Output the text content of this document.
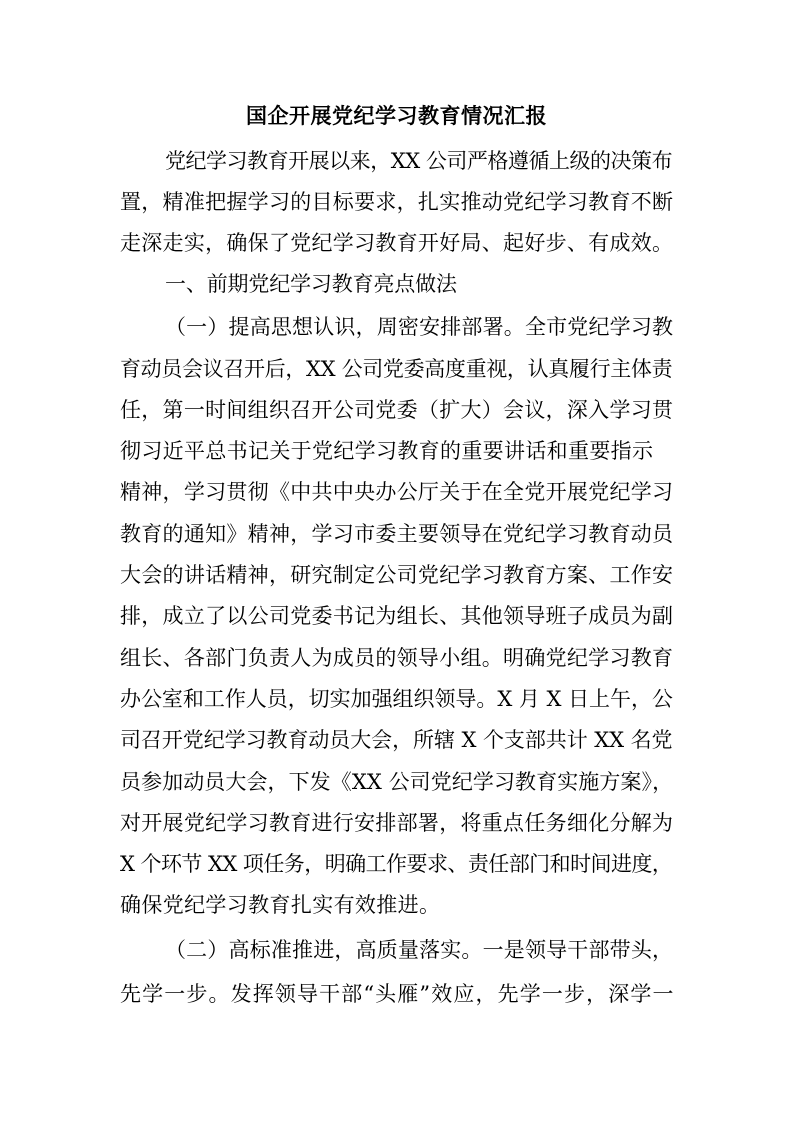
国企开展党纪学习教育情况汇报
党纪学习教育开展以来，XX 公司严格遵循上级的决策布
置，精准把握学习的目标要求，扎实推动党纪学习教育不断
走深走实，确保了党纪学习教育开好局、起好步、有成效。
一、前期党纪学习教育亮点做法
（一）提高思想认识，周密安排部署。全市党纪学习教
育动员会议召开后，XX 公司党委高度重视，认真履行主体责
任，第一时间组织召开公司党委（扩大）会议，深入学习贯
彻习近平总书记关于党纪学习教育的重要讲话和重要指示
精神，学习贯彻《中共中央办公厅关于在全党开展党纪学习
教育的通知》精神，学习市委主要领导在党纪学习教育动员
大会的讲话精神，研究制定公司党纪学习教育方案、工作安
排，成立了以公司党委书记为组长、其他领导班子成员为副
组长、各部门负责人为成员的领导小组。明确党纪学习教育
办公室和工作人员，切实加强组织领导。X 月 X 日上午，公
司召开党纪学习教育动员大会，所辖 X 个支部共计 XX 名党
员参加动员大会，下发《XX 公司党纪学习教育实施方案》，
对开展党纪学习教育进行安排部署，将重点任务细化分解为
X 个环节 XX 项任务，明确工作要求、责任部门和时间进度，
确保党纪学习教育扎实有效推进。
（二）高标准推进，高质量落实。一是领导干部带头，
先学一步。发挥领导干部“头雁”效应，先学一步，深学一
